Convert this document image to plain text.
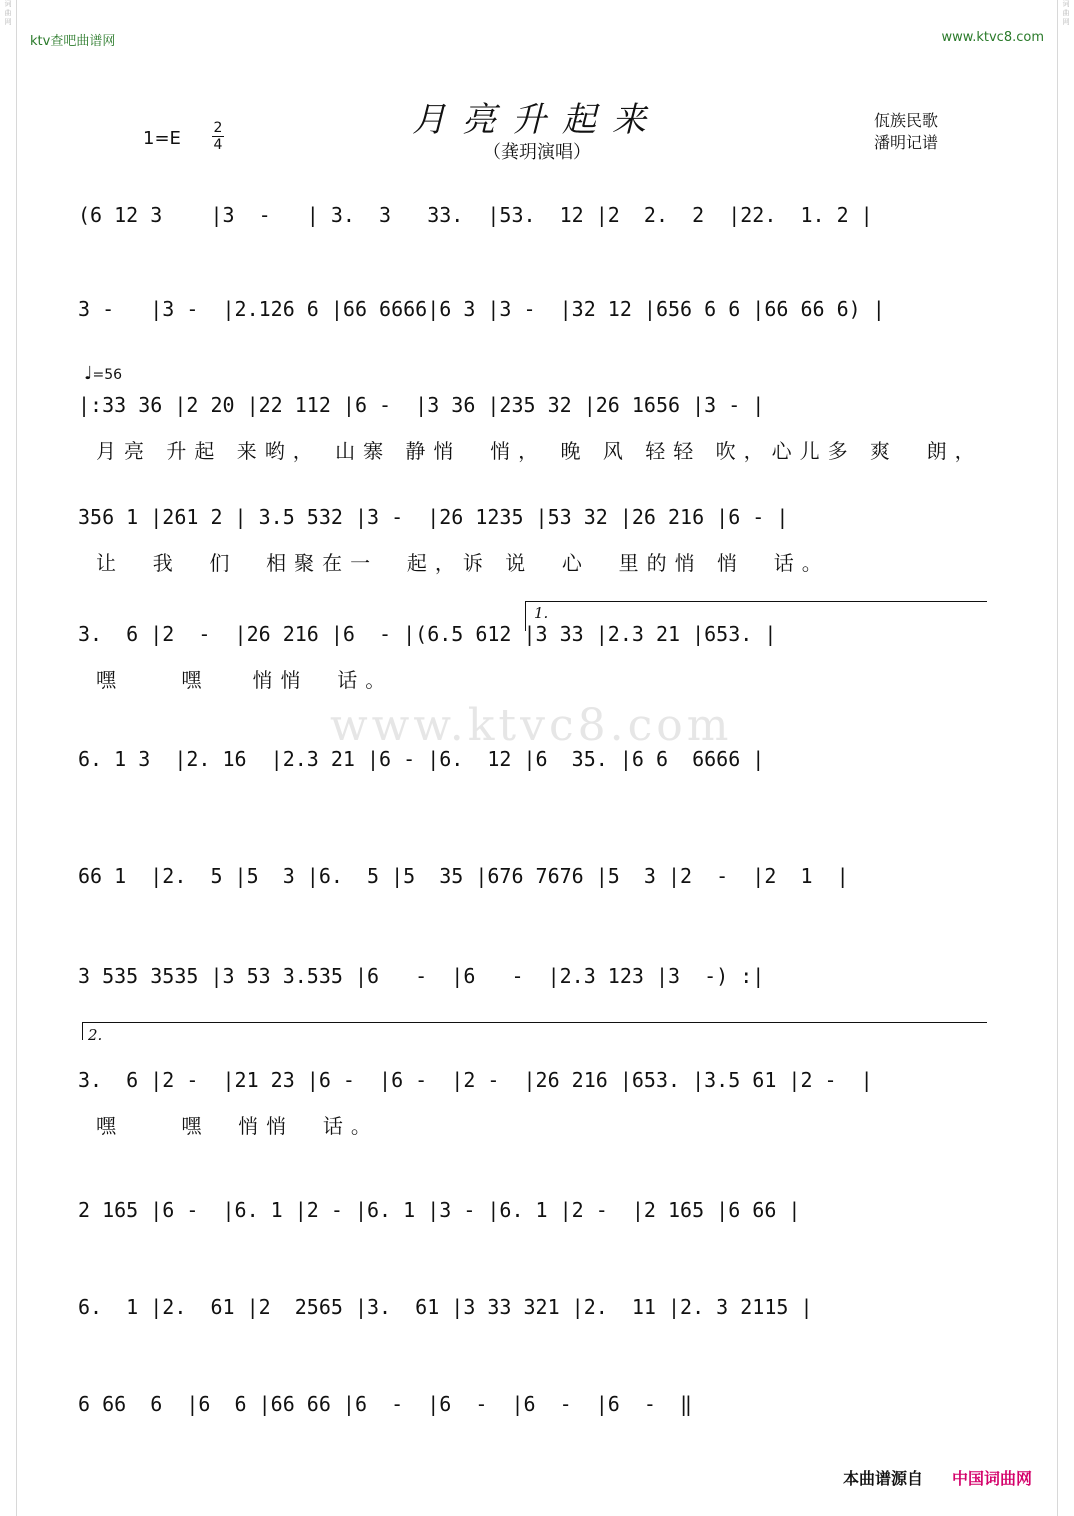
词
曲
网
词
曲
网
ktv查吧曲谱网	www.ktvc8.com
月亮升起来
（龚玥演唱）
1=E 2
4
佤族民歌
潘明记谱
♩=56
www.ktvc8.com
(6 12 3    |3  -   | 3.  3   33.  |53.  12 |2  2.  2  |22.  1. 2 |
3 -   |3 -  |2.126 6 |66 6666|6 3 |3 -  |32 12 |656 6 6 |66 66 6) |
|:33 36 |2 20 |22 112 |6 -  |3 36 |235 32 |26 1656 |3 - |
月亮 升起 来哟， 山寨 静悄  悄， 晚 风 轻轻 吹，心儿多 爽  朗，
356 1 |261 2 | 3.5 532 |3 -  |26 1235 |53 32 |26 216 |6 - |
让  我  们  相聚在一  起，诉 说  心  里的悄 悄  话。
1.
3.  6 |2  -  |26 216 |6  - |(6.5 612 |3 33 |2.3 21 |653. |
嘿    嘿   悄悄  话。
6. 1 3  |2. 16  |2.3 21 |6 - |6.  12 |6  35. |6 6  6666 |
66 1  |2.  5 |5  3 |6.  5 |5  35 |676 7676 |5  3 |2  -  |2  1  |
3 535 3535 |3 53 3.535 |6   -  |6   -  |2.3 123 |3  -) :|
2.
3.  6 |2 -  |21 23 |6 -  |6 -  |2 -  |26 216 |653. |3.5 61 |2 -  |
嘿    嘿  悄悄  话。
2 165 |6 -  |6. 1 |2 - |6. 1 |3 - |6. 1 |2 -  |2 165 |6 66 |
6.  1 |2.  61 |2  2565 |3.  61 |3 33 321 |2.  11 |2. 3 2115 |
6 66  6  |6  6 |66 66 |6  -  |6  -  |6  -  |6  -  ‖
本曲谱源自 中国词曲网
